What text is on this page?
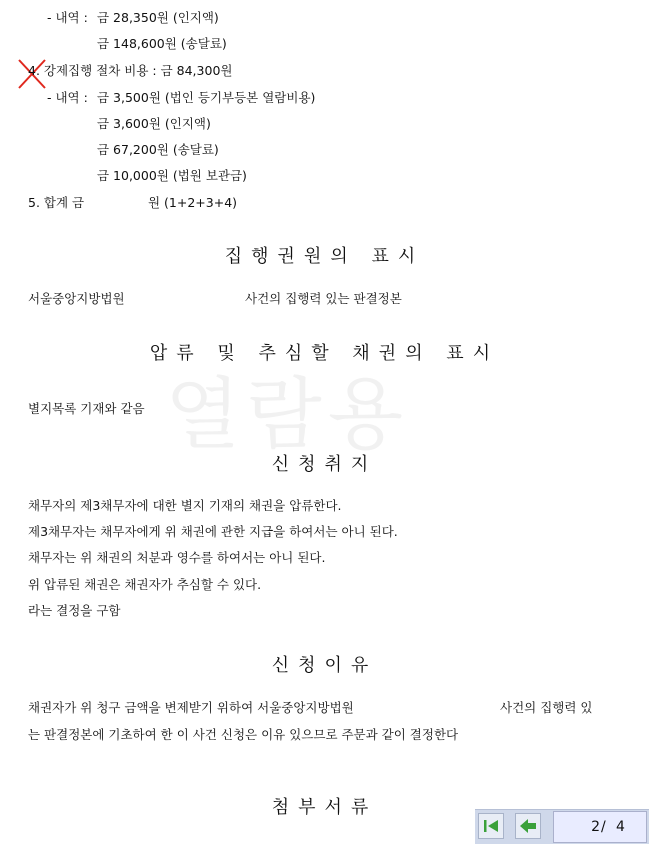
열람용
- 내역 : 금 28,350원 (인지액)
금 148,600원 (송달료)
4. 강제집행 절차 비용 : 금 84,300원
- 내역 : 금 3,500원 (법인 등기부등본 열람비용)
금 3,600원 (인지액)
금 67,200원 (송달료)
금 10,000원 (법원 보관금)
5. 합계 금	원 (1+2+3+4)
집행권원의 표시
서울중앙지방법원	사건의 집행력 있는 판결정본
압류 및 추심할 채권의 표시
별지목록 기재와 같음
신청취지
채무자의 제3채무자에 대한 별지 기재의 채권을 압류한다.
제3채무자는 채무자에게 위 채권에 관한 지급을 하여서는 아니 된다.
채무자는 위 채권의 처분과 영수를 하여서는 아니 된다.
위 압류된 채권은 채권자가 추심할 수 있다.
라는 결정을 구함
신청이유
채권자가 위 청구 금액을 변제받기 위하여 서울중앙지방법원	사건의 집행력 있
는 판결정본에 기초하여 한 이 사건 신청은 이유 있으므로 주문과 같이 결정한다
첨부서류
2 / 4
